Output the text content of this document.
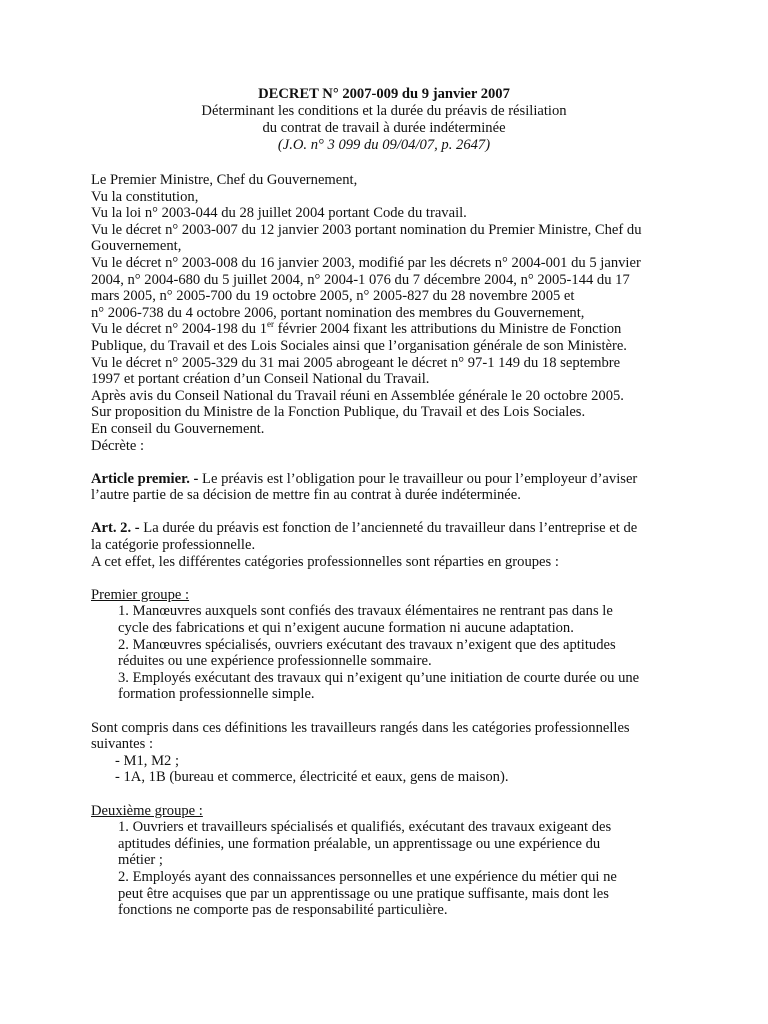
DECRET N° 2007-009 du 9 janvier 2007
Déterminant les conditions et la durée du préavis de résiliation
du contrat de travail à durée indéterminée
(J.O. n° 3 099 du 09/04/07, p. 2647)
Le Premier Ministre, Chef du Gouvernement,
Vu la constitution,
Vu la loi n° 2003-044 du 28 juillet 2004 portant Code du travail.
Vu le décret n° 2003-007 du 12 janvier 2003 portant nomination du Premier Ministre, Chef du
Gouvernement,
Vu le décret n° 2003-008 du 16 janvier 2003, modifié par les décrets n° 2004-001 du 5 janvier
2004, n° 2004-680 du 5 juillet 2004, n° 2004-1 076 du 7 décembre 2004, n° 2005-144 du 17
mars 2005, n° 2005-700 du 19 octobre 2005, n° 2005-827 du 28 novembre 2005 et
n° 2006-738 du 4 octobre 2006, portant nomination des membres du Gouvernement,
Vu le décret n° 2004-198 du 1er février 2004 fixant les attributions du Ministre de Fonction
Publique, du Travail et des Lois Sociales ainsi que l’organisation générale de son Ministère.
Vu le décret n° 2005-329 du 31 mai 2005 abrogeant le décret n° 97-1 149 du 18 septembre
1997 et portant création d’un Conseil National du Travail.
Après avis du Conseil National du Travail réuni en Assemblée générale le 20 octobre 2005.
Sur proposition du Ministre de la Fonction Publique, du Travail et des Lois Sociales.
En conseil du Gouvernement.
Décrète :
Article premier. - Le préavis est l’obligation pour le travailleur ou pour l’employeur d’aviser
l’autre partie de sa décision de mettre fin au contrat à durée indéterminée.
Art. 2. - La durée du préavis est fonction de l’ancienneté du travailleur dans l’entreprise et de
la catégorie professionnelle.
A cet effet, les différentes catégories professionnelles sont réparties en groupes :
Premier groupe :
1. Manœuvres auxquels sont confiés des travaux élémentaires ne rentrant pas dans le
cycle des fabrications et qui n’exigent aucune formation ni aucune adaptation.
2. Manœuvres spécialisés, ouvriers exécutant des travaux n’exigent que des aptitudes
réduites ou une expérience professionnelle sommaire.
3. Employés exécutant des travaux qui n’exigent qu’une initiation de courte durée ou une
formation professionnelle simple.
Sont compris dans ces définitions les travailleurs rangés dans les catégories professionnelles
suivantes :
- M1, M2 ;
- 1A, 1B (bureau et commerce, électricité et eaux, gens de maison).
Deuxième groupe :
1. Ouvriers et travailleurs spécialisés et qualifiés, exécutant des travaux exigeant des
aptitudes définies, une formation préalable, un apprentissage ou une expérience du
métier ;
2. Employés ayant des connaissances personnelles et une expérience du métier qui ne
peut être acquises que par un apprentissage ou une pratique suffisante, mais dont les
fonctions ne comporte pas de responsabilité particulière.
